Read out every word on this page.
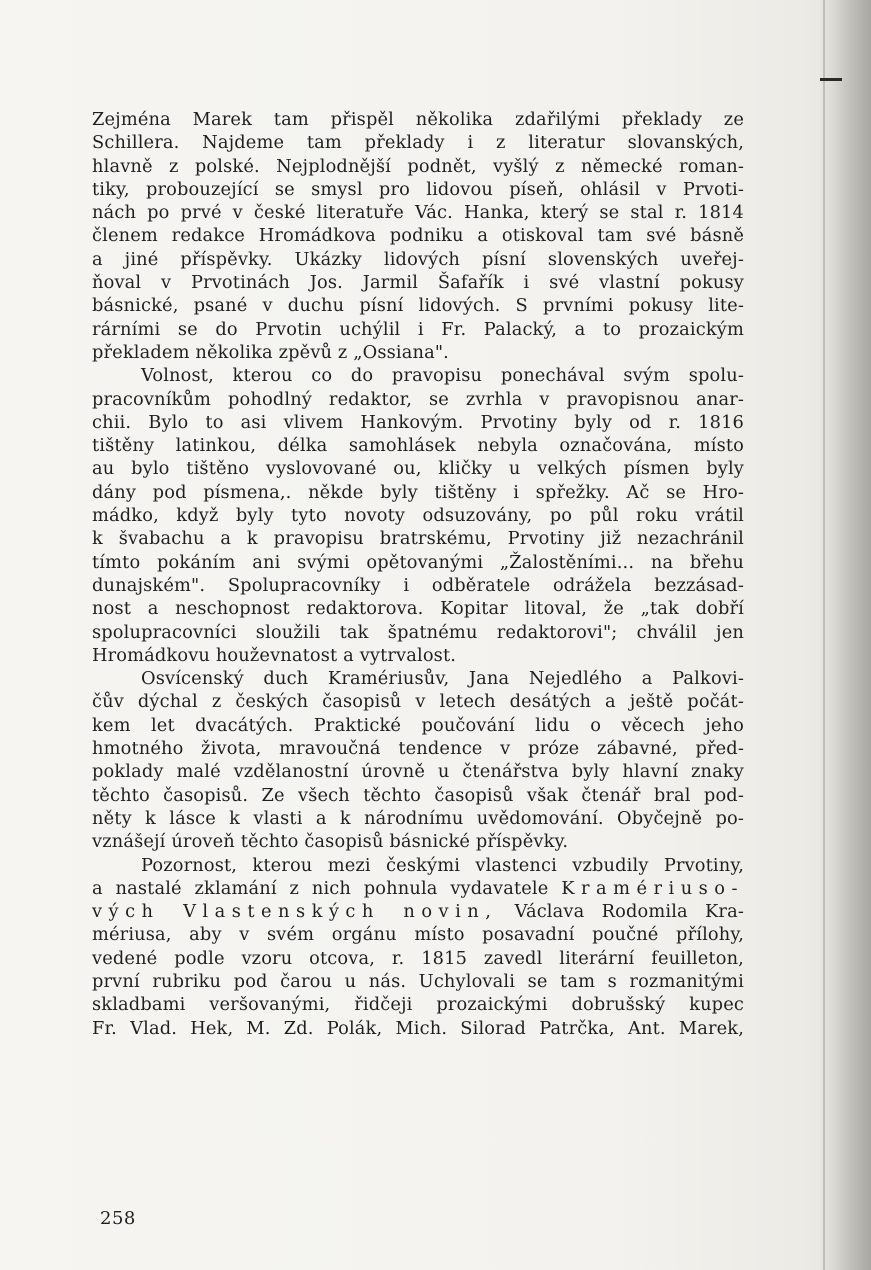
Zejména Marek tam přispěl několika zdařilými překlady ze
Schillera. Najdeme tam překlady i z literatur slovanských,
hlavně z polské. Nejplodnější podnět, vyšlý z německé roman-
tiky, probouzející se smysl pro lidovou píseň, ohlásil v Prvoti-
nách po prvé v české literatuře Vác. Hanka, který se stal r. 1814
členem redakce Hromádkova podniku a otiskoval tam své básně
a jiné příspěvky. Ukázky lidových písní slovenských uveřej-
ňoval v Prvotinách Jos. Jarmil Šafařík i své vlastní pokusy
básnické, psané v duchu písní lidových. S prvními pokusy lite-
rárními se do Prvotin uchýlil i Fr. Palacký, a to prozaickým
překladem několika zpěvů z „Ossiana".
Volnost, kterou co do pravopisu ponechával svým spolu-
pracovníkům pohodlný redaktor, se zvrhla v pravopisnou anar-
chii. Bylo to asi vlivem Hankovým. Prvotiny byly od r. 1816
tištěny latinkou, délka samohlásek nebyla označována, místo
au bylo tištěno vyslovované ou, kličky u velkých písmen byly
dány pod písmena,. někde byly tištěny i spřežky. Ač se Hro-
mádko, když byly tyto novoty odsuzovány, po půl roku vrátil
k švabachu a k pravopisu bratrskému, Prvotiny již nezachránil
tímto pokáním ani svými opětovanými „Žalostěními... na břehu
dunajském". Spolupracovníky i odběratele odrážela bezzásad-
nost a neschopnost redaktorova. Kopitar litoval, že „tak dobří
spolupracovníci sloužili tak špatnému redaktorovi"; chválil jen
Hromádkovu houževnatost a vytrvalost.
Osvícenský duch Kramériusův, Jana Nejedlého a Palkovi-
čův dýchal z českých časopisů v letech desátých a ještě počát-
kem let dvacátých. Praktické poučování lidu o věcech jeho
hmotného života, mravoučná tendence v próze zábavné, před-
poklady malé vzdělanostní úrovně u čtenářstva byly hlavní znaky
těchto časopisů. Ze všech těchto časopisů však čtenář bral pod-
něty k lásce k vlasti a k národnímu uvědomování. Obyčejně po-
vznášejí úroveň těchto časopisů básnické příspěvky.
Pozornost, kterou mezi českými vlastenci vzbudily Prvotiny,
a nastalé zklamání z nich pohnula vydavatele Kramériuso-
vých Vlastenských novin, Václava Rodomila Kra-
mériusa, aby v svém orgánu místo posavadní poučné přílohy,
vedené podle vzoru otcova, r. 1815 zavedl literární feuilleton,
první rubriku pod čarou u nás. Uchylovali se tam s rozmanitými
skladbami veršovanými, řidčeji prozaickými dobrušský kupec
Fr. Vlad. Hek, M. Zd. Polák, Mich. Silorad Patrčka, Ant. Marek,
258
